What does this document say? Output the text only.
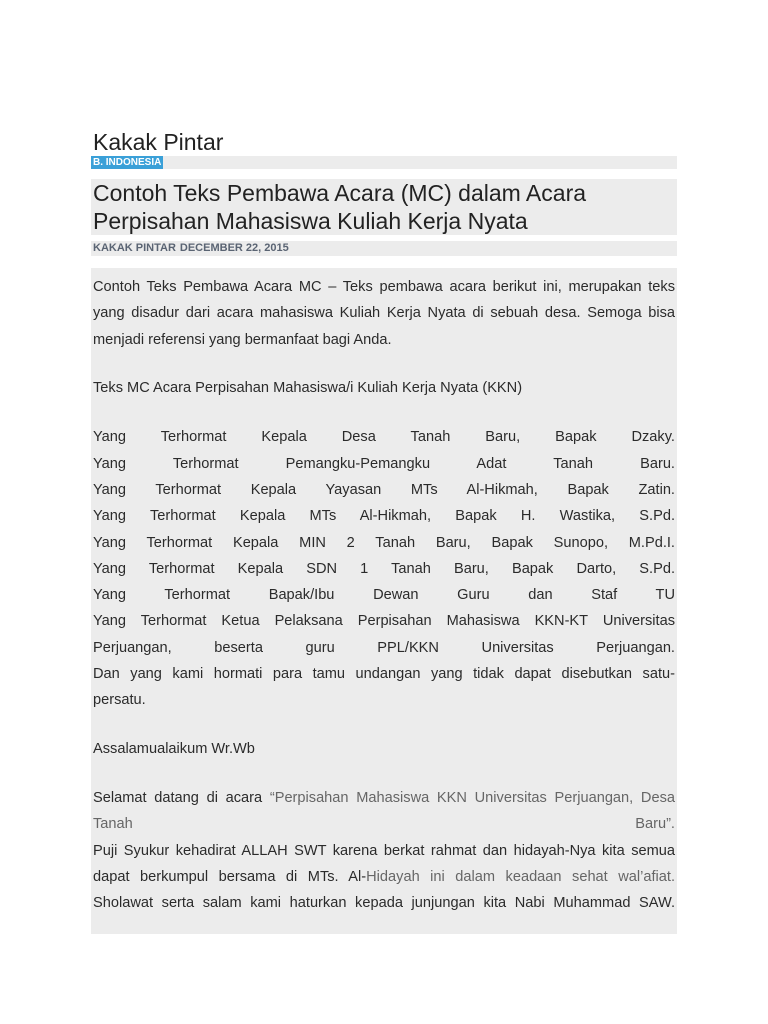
Kakak Pintar
B. INDONESIA
Contoh Teks Pembawa Acara (MC) dalam Acara
Perpisahan Mahasiswa Kuliah Kerja Nyata
KAKAK PINTAR DECEMBER 22, 2015

Contoh Teks Pembawa Acara MC – Teks pembawa acara berikut ini, merupakan teks yang disadur dari acara mahasiswa Kuliah Kerja Nyata di sebuah desa. Semoga bisa menjadi referensi yang bermanfaat bagi Anda.

Teks MC Acara Perpisahan Mahasiswa/i Kuliah Kerja Nyata (KKN)

Yang Terhormat Kepala Desa Tanah Baru, Bapak Dzaky.
Yang Terhormat Pemangku-Pemangku Adat Tanah Baru.
Yang Terhormat Kepala Yayasan MTs Al-Hikmah, Bapak Zatin.
Yang Terhormat Kepala MTs Al-Hikmah, Bapak H. Wastika, S.Pd.
Yang Terhormat Kepala MIN 2 Tanah Baru, Bapak Sunopo, M.Pd.I.
Yang Terhormat Kepala SDN 1 Tanah Baru, Bapak Darto, S.Pd.
Yang Terhormat Bapak/Ibu Dewan Guru dan Staf TU
Yang Terhormat Ketua Pelaksana Perpisahan Mahasiswa KKN-KT Universitas
Perjuangan, beserta guru PPL/KKN Universitas Perjuangan.
Dan yang kami hormati para tamu undangan yang tidak dapat disebutkan satu-
persatu.

Assalamualaikum Wr.Wb

Selamat datang di acara “Perpisahan Mahasiswa KKN Universitas Perjuangan, Desa
Tanah	Baru”.
Puji Syukur kehadirat ALLAH SWT karena berkat rahmat dan hidayah-Nya kita semua
dapat berkumpul bersama di MTs. Al-Hidayah ini dalam keadaan sehat wal’afiat.
Sholawat serta salam kami haturkan kepada junjungan kita Nabi Muhammad SAW.
